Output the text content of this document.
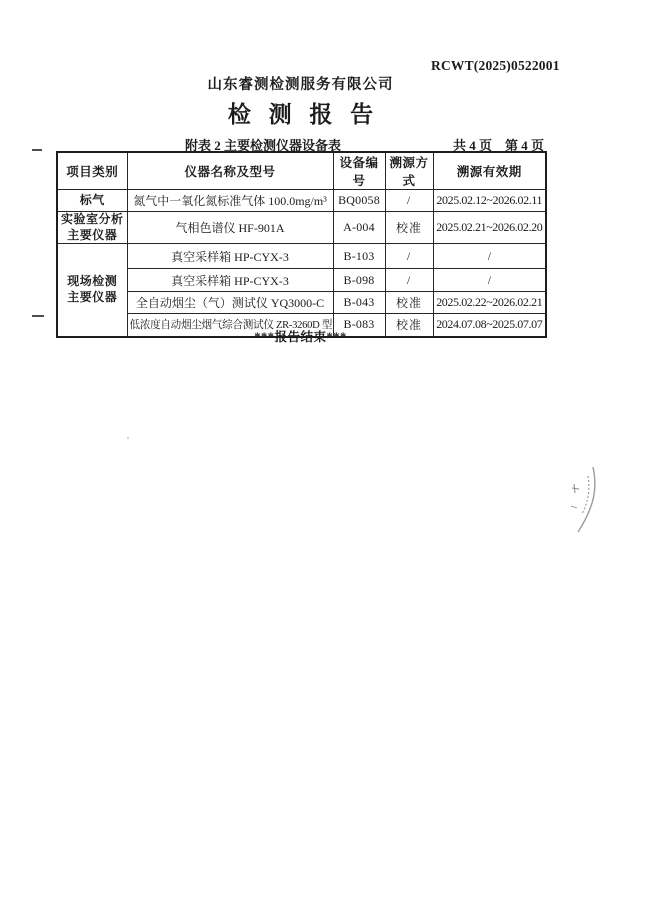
RCWT(2025)0522001
山东睿测检测服务有限公司
检 测 报 告
附表 2 主要检测仪器设备表	共 4 页　第 4 页
项目类别	仪器名称及型号	设备编号	溯源方式	溯源有效期

标气	氮气中一氧化氮标准气体 100.0mg/m³	BQ0058	/	2025.02.12~2026.02.11

实验室分析
主要仪器	气相色谱仪 HF-901A	A-004	校准	2025.02.21~2026.02.20

现场检测
主要仪器	真空采样箱 HP-CYX-3	B-103	/	/
	真空采样箱 HP-CYX-3	B-098	/	/
	全自动烟尘（气）测试仪 YQ3000-C	B-043	校准	2025.02.22~2026.02.21
	低浓度自动烟尘烟气综合测试仪 ZR-3260D 型	B-083	校准	2024.07.08~2025.07.07
***报告结束***
